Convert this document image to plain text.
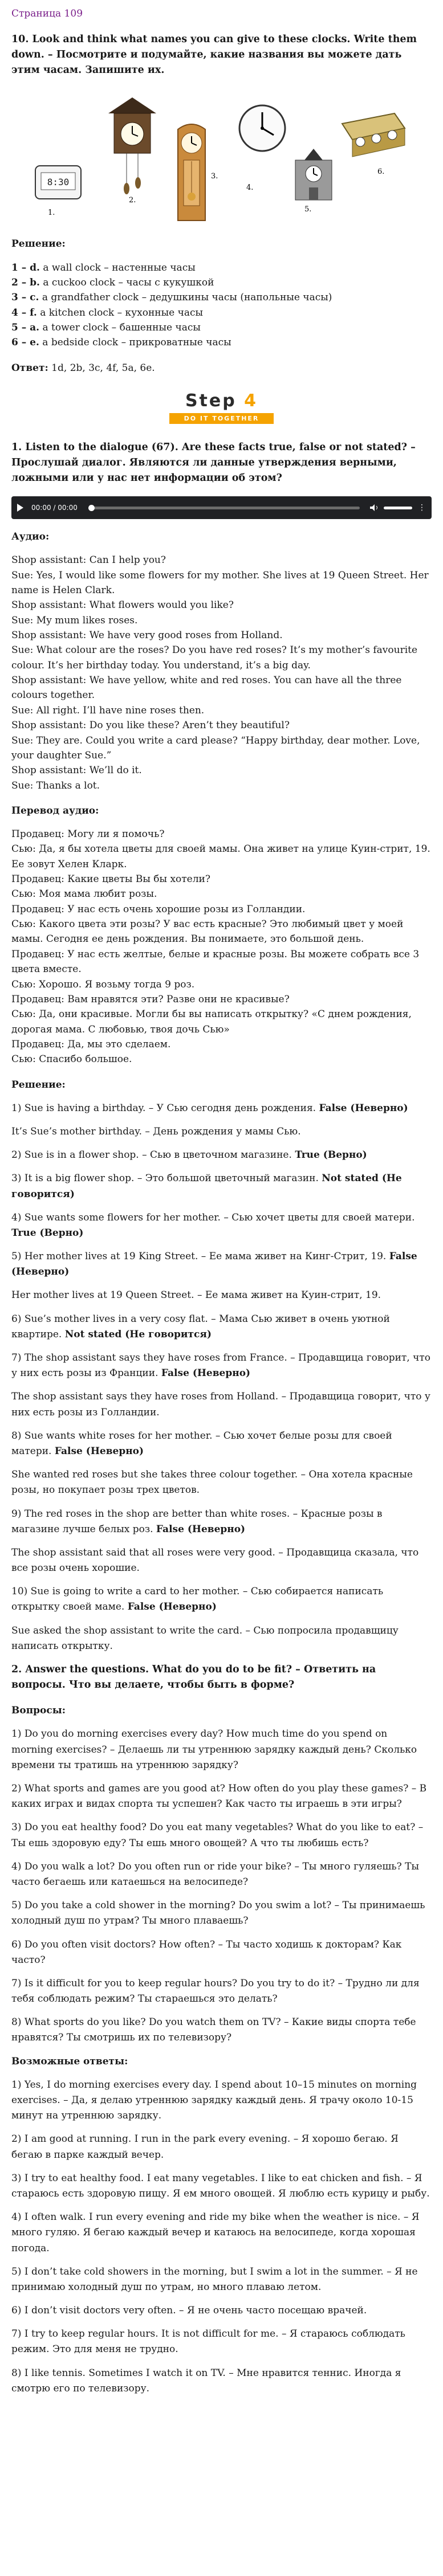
Страница 109

10. Look and think what names you can give to these clocks. Write them down. – Посмотрите и подумайте, какие названия вы можете дать этим часам. Запишите их.

8:30
1.
2.
3.
4.
5.
6.

Решение:

1 – d. a wall clock – настенные часы

2 – b. a cuckoo clock – часы с кукушкой

3 – c. a grandfather clock – дедушкины часы (напольные часы)

4 – f. a kitchen clock – кухонные часы

5 – a. a tower clock – башенные часы

6 – e. a bedside clock – прикроватные часы

Ответ: 1d, 2b, 3c, 4f, 5a, 6e.

Step 4
DO IT TOGETHER

1. Listen to the dialogue (67). Are these facts true, false or not stated? – Прослушай диалог. Являются ли данные утверждения верными, ложными или у нас нет информации об этом?

00:00 / 00:00	⋮

Аудио:

Shop assistant: Can I help you?

Sue: Yes, I would like some flowers for my mother. She lives at 19 Queen Street. Her name is Helen Clark.

Shop assistant: What flowers would you like?

Sue: My mum likes roses.

Shop assistant: We have very good roses from Holland.

Sue: What colour are the roses? Do you have red roses? It’s my mother’s favourite colour. It’s her birthday today. You understand, it’s a big day.

Shop assistant: We have yellow, white and red roses. You can have all the three colours together.

Sue: All right. I’ll have nine roses then.

Shop assistant: Do you like these? Aren’t they beautiful?

Sue: They are. Could you write a card please? “Happy birthday, dear mother. Love, your daughter Sue.”

Shop assistant: We’ll do it.

Sue: Thanks a lot.

Перевод аудио:

Продавец: Могу ли я помочь?

Сью: Да, я бы хотела цветы для своей мамы. Она живет на улице Куин-стрит, 19. Ее зовут Хелен Кларк.

Продавец: Какие цветы Вы бы хотели?

Сью: Моя мама любит розы.

Продавец: У нас есть очень хорошие розы из Голландии.

Сью: Какого цвета эти розы? У вас есть красные? Это любимый цвет у моей мамы. Сегодня ее день рождения. Вы понимаете, это большой день.

Продавец: У нас есть желтые, белые и красные розы. Вы можете собрать все 3 цвета вместе.

Сью: Хорошо. Я возьму тогда 9 роз.

Продавец: Вам нравятся эти? Разве они не красивые?

Сью: Да, они красивые. Могли бы вы написать открытку? «С днем рождения, дорогая мама. С любовью, твоя дочь Сью»

Продавец: Да, мы это сделаем.

Сью: Спасибо большое.

Решение:

1) Sue is having a birthday. – У Сью сегодня день рождения. False (Неверно)

It’s Sue’s mother birthday. – День рождения у мамы Сью.

2) Sue is in a flower shop. – Сью в цветочном магазине. True (Верно)

3) It is a big flower shop. – Это большой цветочный магазин. Not stated (Не говорится)

4) Sue wants some flowers for her mother. – Сью хочет цветы для своей матери. True (Верно)

5) Her mother lives at 19 King Street. – Ее мама живет на Кинг-Стрит, 19. False (Неверно)

Her mother lives at 19 Queen Street. – Ее мама живет на Куин-стрит, 19.

6) Sue’s mother lives in a very cosy flat. – Мама Сью живет в очень уютной квартире. Not stated (Не говорится)

7) The shop assistant says they have roses from France. – Продавщица говорит, что у них есть розы из Франции. False (Неверно)

The shop assistant says they have roses from Holland. – Продавщица говорит, что у них есть розы из Голландии.

8) Sue wants white roses for her mother. – Сью хочет белые розы для своей матери. False (Неверно)

She wanted red roses but she takes three colour together. – Она хотела красные розы, но покупает розы трех цветов.

9) The red roses in the shop are better than white roses. – Красные розы в магазине лучше белых роз. False (Неверно)

The shop assistant said that all roses were very good. – Продавщица сказала, что все розы очень хорошие.

10) Sue is going to write a card to her mother. – Сью собирается написать открытку своей маме. False (Неверно)

Sue asked the shop assistant to write the card. – Сью попросила продавщицу написать открытку.

2. Answer the questions. What do you do to be fit? – Ответить на вопросы. Что вы делаете, чтобы быть в форме?

Вопросы:

1) Do you do morning exercises every day? How much time do you spend on morning exercises? – Делаешь ли ты утреннюю зарядку каждый день? Сколько времени ты тратишь на утреннюю зарядку?

2) What sports and games are you good at? How often do you play these games? – В каких играх и видах спорта ты успешен? Как часто ты играешь в эти игры?

3) Do you eat healthy food? Do you eat many vegetables? What do you like to eat? – Ты ешь здоровую еду? Ты ешь много овощей? А что ты любишь есть?

4) Do you walk a lot? Do you often run or ride your bike? – Ты много гуляешь? Ты часто бегаешь или катаешься на велосипеде?

5) Do you take a cold shower in the morning? Do you swim a lot? – Ты принимаешь холодный душ по утрам? Ты много плаваешь?

6) Do you often visit doctors? How often? – Ты часто ходишь к докторам? Как часто?

7) Is it difficult for you to keep regular hours? Do you try to do it? – Трудно ли для тебя соблюдать режим? Ты стараешься это делать?

8) What sports do you like? Do you watch them on TV? – Какие виды спорта тебе нравятся? Ты смотришь их по телевизору?

Возможные ответы:

1) Yes, I do morning exercises every day. I spend about 10–15 minutes on morning exercises. – Да, я делаю утреннюю зарядку каждый день. Я трачу около 10-15 минут на утреннюю зарядку.

2) I am good at running. I run in the park every evening. – Я хорошо бегаю. Я бегаю в парке каждый вечер.

3) I try to eat healthy food. I eat many vegetables. I like to eat chicken and fish. – Я стараюсь есть здоровую пищу. Я ем много овощей. Я люблю есть курицу и рыбу.

4) I often walk. I run every evening and ride my bike when the weather is nice. – Я много гуляю. Я бегаю каждый вечер и катаюсь на велосипеде, когда хорошая погода.

5) I don’t take cold showers in the morning, but I swim a lot in the summer. – Я не принимаю холодный душ по утрам, но много плаваю летом.

6) I don’t visit doctors very often. – Я не очень часто посещаю врачей.

7) I try to keep regular hours. It is not difficult for me. – Я стараюсь соблюдать режим. Это для меня не трудно.

8) I like tennis. Sometimes I watch it on TV. – Мне нравится теннис. Иногда я смотрю его по телевизору.
